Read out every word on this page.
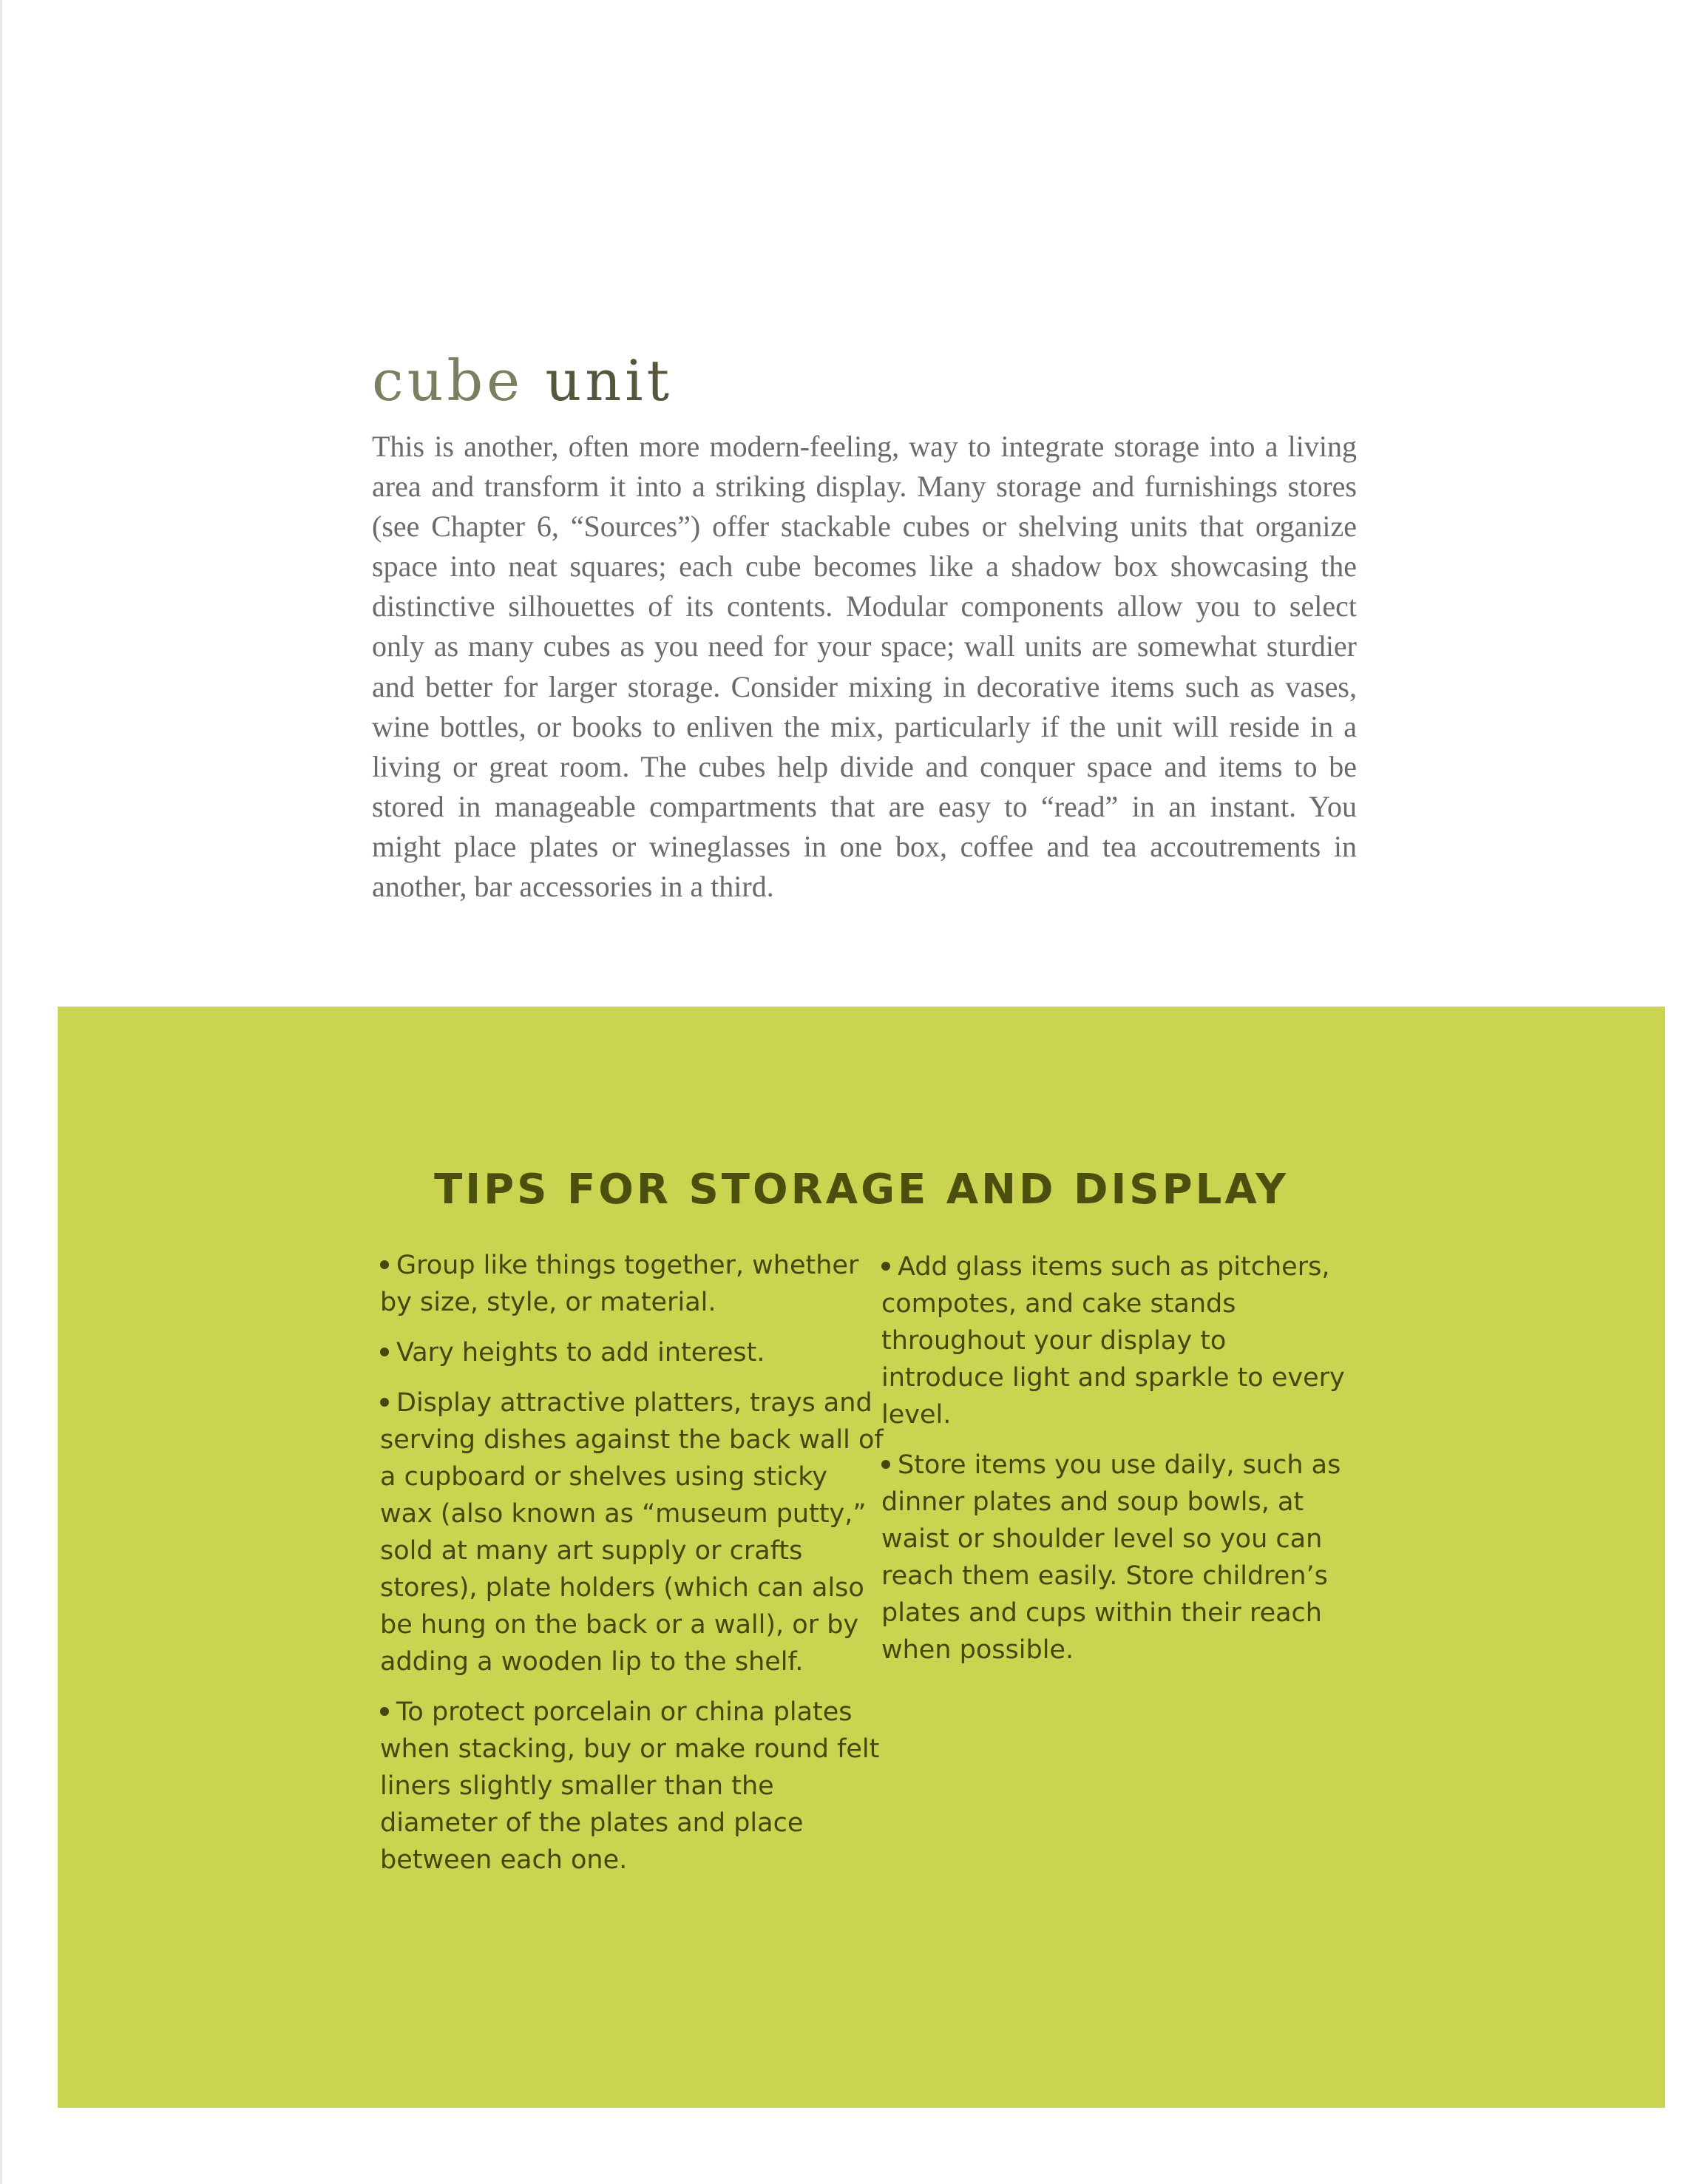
cube unit

This is another, often more modern-feeling, way to integrate storage into a living area and transform it into a striking display. Many storage and furnishings stores (see Chapter 6, “Sources”) offer stackable cubes or shelving units that organize space into neat squares; each cube becomes like a shadow box showcasing the distinctive silhouettes of its contents. Modular components allow you to select only as many cubes as you need for your space; wall units are somewhat sturdier and better for larger storage. Consider mixing in decorative items such as vases, wine bottles, or books to enliven the mix, particularly if the unit will reside in a living or great room. The cubes help divide and conquer space and items to be stored in manageable compartments that are easy to “read” in an instant. You might place plates or wineglasses in one box, coffee and tea accoutrements in another, bar accessories in a third.

TIPS FOR STORAGE AND DISPLAY
Group like things together, whether by size, style, or material.
Vary heights to add interest.
Display attractive platters, trays and serving dishes against the back wall of a cupboard or shelves using sticky wax (also known as “museum putty,” sold at many art supply or crafts stores), plate holders (which can also be hung on the back or a wall), or by adding a wooden lip to the shelf.
To protect porcelain or china plates when stacking, buy or make round felt liners slightly smaller than the diameter of the plates and place between each one.
Add glass items such as pitchers, compotes, and cake stands throughout your display to introduce light and sparkle to every level.
Store items you use daily, such as dinner plates and soup bowls, at waist or shoulder level so you can reach them easily. Store children’s plates and cups within their reach when possible.
